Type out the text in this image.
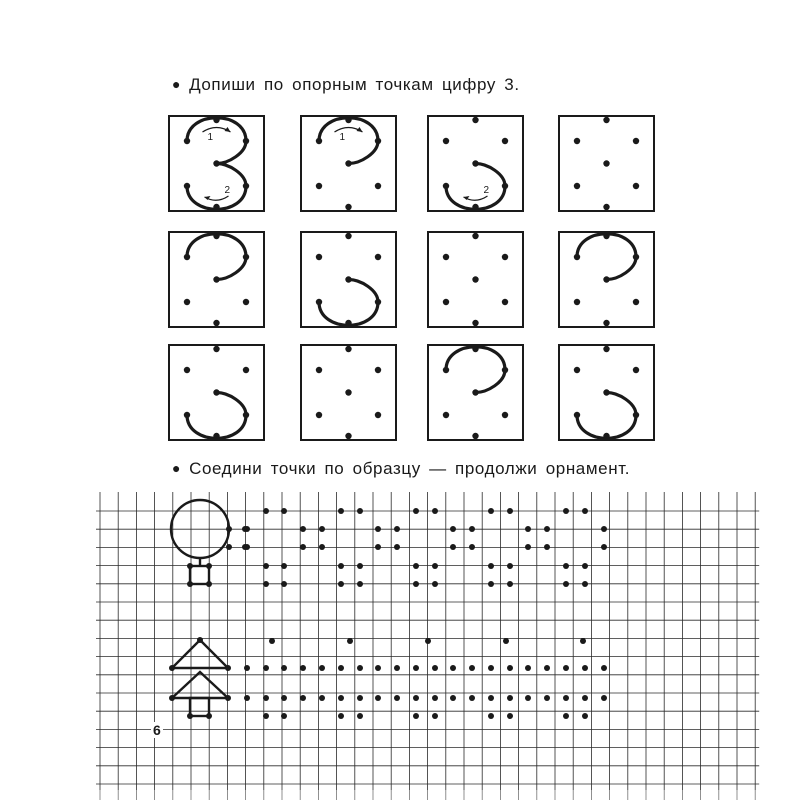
● Допиши по опорным точкам цифру 3.
1
2
1
2
● Соедини точки по образцу — продолжи орнамент.
6
